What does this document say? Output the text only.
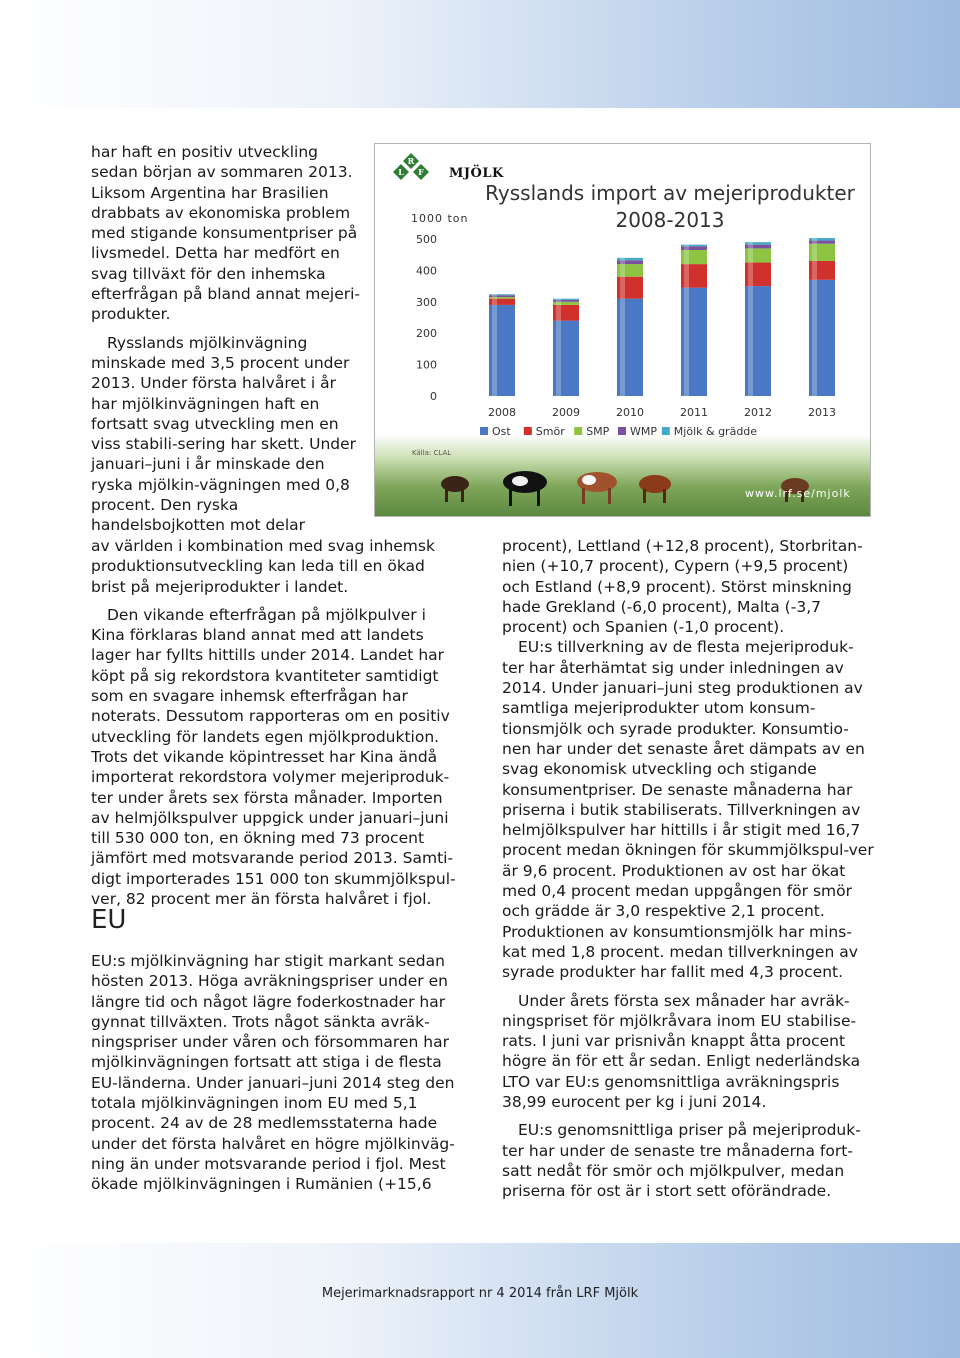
har haft en positiv utveckling sedan början av sommaren 2013. Liksom Argentina har Brasilien drabbats av ekonomiska problem med stigande konsumentpriser på livsmedel. Detta har medfört en svag tillväxt för den inhemska efterfrågan på bland annat mejeri-produkter.

Rysslands mjölkinvägning minskade med 3,5 procent under 2013. Under första halvåret i år har mjölkinvägningen haft en fortsatt svag utveckling men en viss stabili-sering har skett. Under januari–juni i år minskade den ryska mjölkin-vägningen med 0,8 procent. Den ryska handelsbojkotten mot delar

R
L F MJÖLK
Rysslands import av mejeriprodukter 2008-2013
1000 ton
0
100
200
300
400
500
2008	2009	2010	2011	2012	2013
Ost Smör SMP WMP Mjölk & grädde
Källa: CLAL
www.lrf.se/mjolk

av världen i kombination med svag inhemsk produktionsutveckling kan leda till en ökad brist på mejeriprodukter i landet.

Den vikande efterfrågan på mjölkpulver i Kina förklaras bland annat med att landets lager har fyllts hittills under 2014. Landet har köpt på sig rekordstora kvantiteter samtidigt som en svagare inhemsk efterfrågan har noterats. Dessutom rapporteras om en positiv utveckling för landets egen mjölkproduktion. Trots det vikande köpintresset har Kina ändå importerat rekordstora volymer mejeriproduk-ter under årets sex första månader. Importen av helmjölkspulver uppgick under januari–juni till 530 000 ton, en ökning med 73 procent jämfört med motsvarande period 2013. Samti-digt importerades 151 000 ton skummjölkspul-ver, 82 procent mer än första halvåret i fjol.

EU

EU:s mjölkinvägning har stigit markant sedan hösten 2013. Höga avräkningspriser under en längre tid och något lägre foderkostnader har gynnat tillväxten. Trots något sänkta avräk-ningspriser under våren och försommaren har mjölkinvägningen fortsatt att stiga i de flesta EU-länderna. Under januari–juni 2014 steg den totala mjölkinvägningen inom EU med 5,1 procent. 24 av de 28 medlemsstaterna hade under det första halvåret en högre mjölkinväg-ning än under motsvarande period i fjol. Mest ökade mjölkinvägningen i Rumänien (+15,6

procent), Lettland (+12,8 procent), Storbritan-nien (+10,7 procent), Cypern (+9,5 procent) och Estland (+8,9 procent). Störst minskning hade Grekland (-6,0 procent), Malta (-3,7 procent) och Spanien (-1,0 procent).

EU:s tillverkning av de flesta mejeriproduk-ter har återhämtat sig under inledningen av 2014. Under januari–juni steg produktionen av samtliga mejeriprodukter utom konsum-tionsmjölk och syrade produkter. Konsumtio-nen har under det senaste året dämpats av en svag ekonomisk utveckling och stigande konsumentpriser. De senaste månaderna har priserna i butik stabiliserats. Tillverkningen av helmjölkspulver har hittills i år stigit med 16,7 procent medan ökningen för skummjölkspul-ver är 9,6 procent. Produktionen av ost har ökat med 0,4 procent medan uppgången för smör och grädde är 3,0 respektive 2,1 procent. Produktionen av konsumtionsmjölk har mins-kat med 1,8 procent. medan tillverkningen av syrade produkter har fallit med 4,3 procent.

Under årets första sex månader har avräk-ningspriset för mjölkråvara inom EU stabilise-rats. I juni var prisnivån knappt åtta procent högre än för ett år sedan. Enligt nederländska LTO var EU:s genomsnittliga avräkningspris 38,99 eurocent per kg i juni 2014.

EU:s genomsnittliga priser på mejeriproduk-ter har under de senaste tre månaderna fort-satt nedåt för smör och mjölkpulver, medan priserna för ost är i stort sett oförändrade.

Mejerimarknadsrapport nr 4 2014 från LRF Mjölk
